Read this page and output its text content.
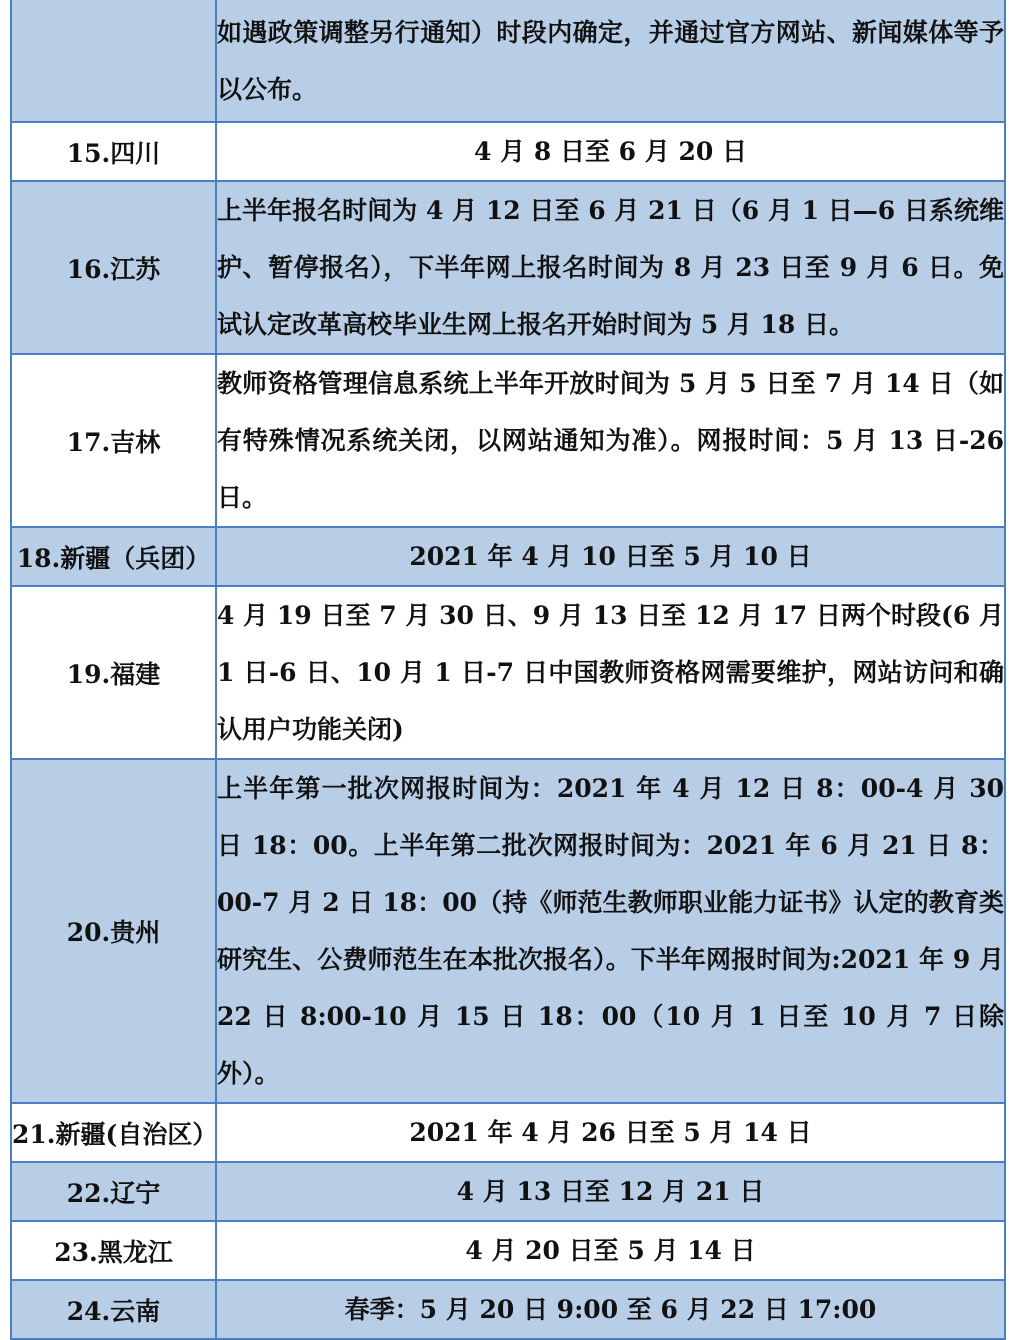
	如遇政策调整另行通知）时段内确定，并通过官方网站、新闻媒体等予以公布。
15.四川	4 月 8 日至 6 月 20 日
16.江苏	上半年报名时间为 4 月 12 日至 6 月 21 日（6 月 1 日—6 日系统维护、暂停报名），下半年网上报名时间为 8 月 23 日至 9 月 6 日。免试认定改革高校毕业生网上报名开始时间为 5 月 18 日。
17.吉林	教师资格管理信息系统上半年开放时间为 5 月 5 日至 7 月 14 日（如有特殊情况系统关闭，以网站通知为准）。网报时间：5 月 13 日-26 日。
18.新疆（兵团）	2021 年 4 月 10 日至 5 月 10 日
19.福建	4 月 19 日至 7 月 30 日、9 月 13 日至 12 月 17 日两个时段(6 月 1 日-6 日、10 月 1 日-7 日中国教师资格网需要维护，网站访问和确认用户功能关闭)
20.贵州	上半年第一批次网报时间为：2021 年 4 月 12 日 8：00-4 月 30 日 18：00。上半年第二批次网报时间为：2021 年 6 月 21 日 8：00-7 月 2 日 18：00（持《师范生教师职业能力证书》认定的教育类研究生、公费师范生在本批次报名）。下半年网报时间为:2021 年 9 月 22 日 8:00-10 月 15 日 18：00（10 月 1 日至 10 月 7 日除外）。
21.新疆(自治区）	2021 年 4 月 26 日至 5 月 14 日
22.辽宁	4 月 13 日至 12 月 21 日
23.黑龙江	4 月 20 日至 5 月 14 日
24.云南	春季：5 月 20 日 9:00 至 6 月 22 日 17:00
